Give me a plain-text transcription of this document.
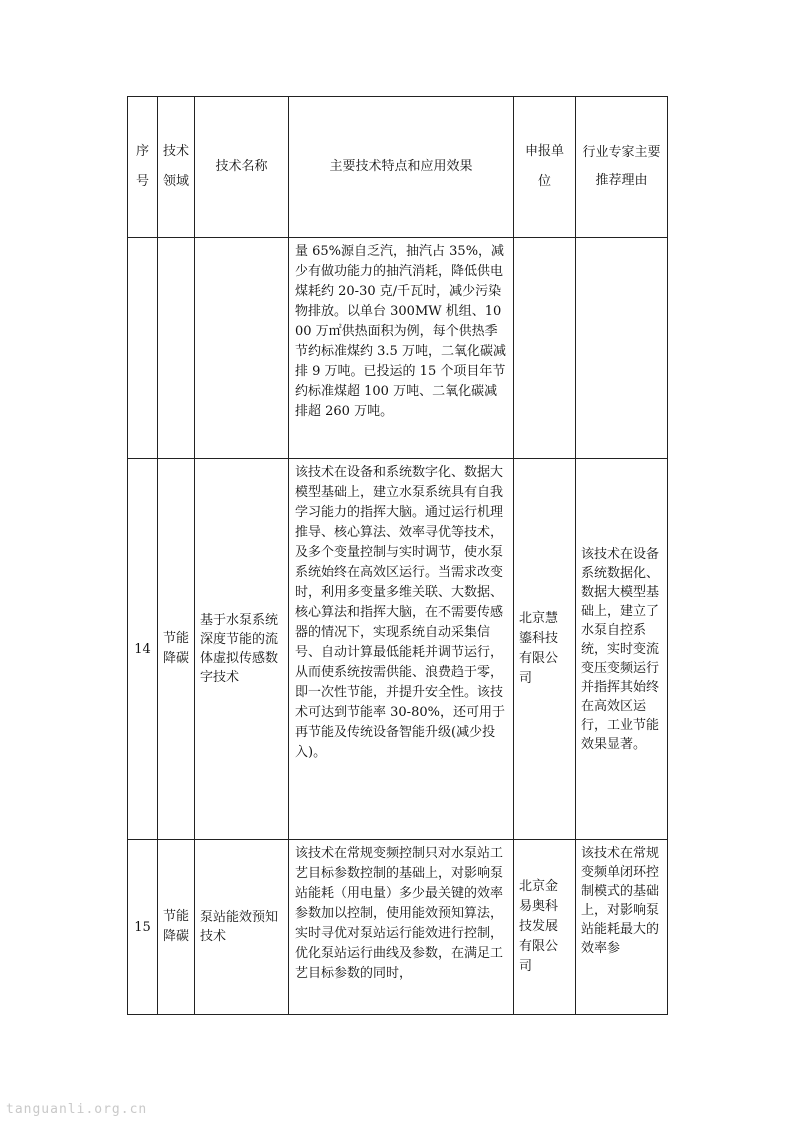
序号	技术领域	技术名称	主要技术特点和应用效果	申报单位	行业专家主要推荐理由
			量 65%源自乏汽，抽汽占 35%，减少有做功能力的抽汽消耗，降低供电煤耗约 20-30 克/千瓦时，减少污染物排放。以单台 300MW 机组、1000 万㎡供热面积为例，每个供热季节约标准煤约 3.5 万吨，二氧化碳减排 9 万吨。已投运的 15 个项目年节约标准煤超 100 万吨、二氧化碳减排超 260 万吨。		
14	节能降碳	基于水泵系统深度节能的流体虚拟传感数字技术	该技术在设备和系统数字化、数据大模型基础上，建立水泵系统具有自我学习能力的指挥大脑。通过运行机理推导、核心算法、效率寻优等技术，及多个变量控制与实时调节，使水泵系统始终在高效区运行。当需求改变时，利用多变量多维关联、大数据、核心算法和指挥大脑，在不需要传感器的情况下，实现系统自动采集信号、自动计算最低能耗并调节运行，从而使系统按需供能、浪费趋于零，即一次性节能，并提升安全性。该技术可达到节能率 30-80%，还可用于再节能及传统设备智能升级(减少投入)。	北京慧鎏科技有限公司	该技术在设备系统数据化、数据大模型基础上，建立了水泵自控系统，实时变流变压变频运行并指挥其始终在高效区运行，工业节能效果显著。
15	节能降碳	泵站能效预知技术	该技术在常规变频控制只对水泵站工艺目标参数控制的基础上，对影响泵站能耗（用电量）多少最关键的效率参数加以控制，使用能效预知算法，实时寻优对泵站运行能效进行控制，优化泵站运行曲线及参数，在满足工艺目标参数的同时，	北京金易奥科技发展有限公司	该技术在常规变频单闭环控制模式的基础上，对影响泵站能耗最大的效率参
tanguanli.org.cn
